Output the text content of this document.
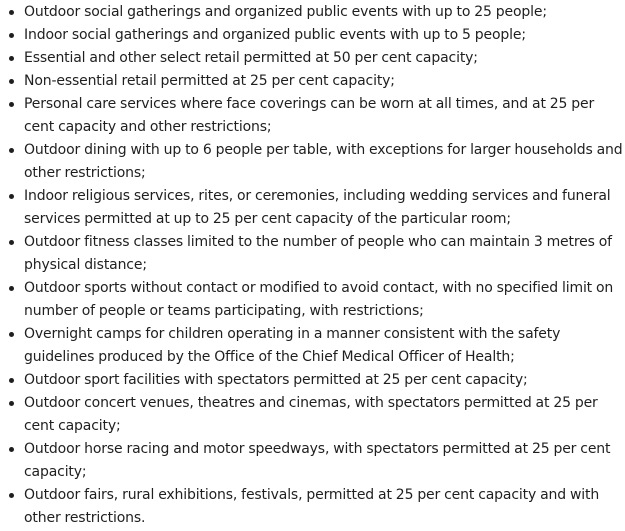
Outdoor social gatherings and organized public events with up to 25 people;
Indoor social gatherings and organized public events with up to 5 people;
Essential and other select retail permitted at 50 per cent capacity;
Non-essential retail permitted at 25 per cent capacity;
Personal care services where face coverings can be worn at all times, and at 25 per cent capacity and other restrictions;
Outdoor dining with up to 6 people per table, with exceptions for larger households and other restrictions;
Indoor religious services, rites, or ceremonies, including wedding services and funeral services permitted at up to 25 per cent capacity of the particular room;
Outdoor fitness classes limited to the number of people who can maintain 3 metres of physical distance;
Outdoor sports without contact or modified to avoid contact, with no specified limit on number of people or teams participating, with restrictions;
Overnight camps for children operating in a manner consistent with the safety guidelines produced by the Office of the Chief Medical Officer of Health;
Outdoor sport facilities with spectators permitted at 25 per cent capacity;
Outdoor concert venues, theatres and cinemas, with spectators permitted at 25 per cent capacity;
Outdoor horse racing and motor speedways, with spectators permitted at 25 per cent capacity;
Outdoor fairs, rural exhibitions, festivals, permitted at 25 per cent capacity and with other restrictions.
